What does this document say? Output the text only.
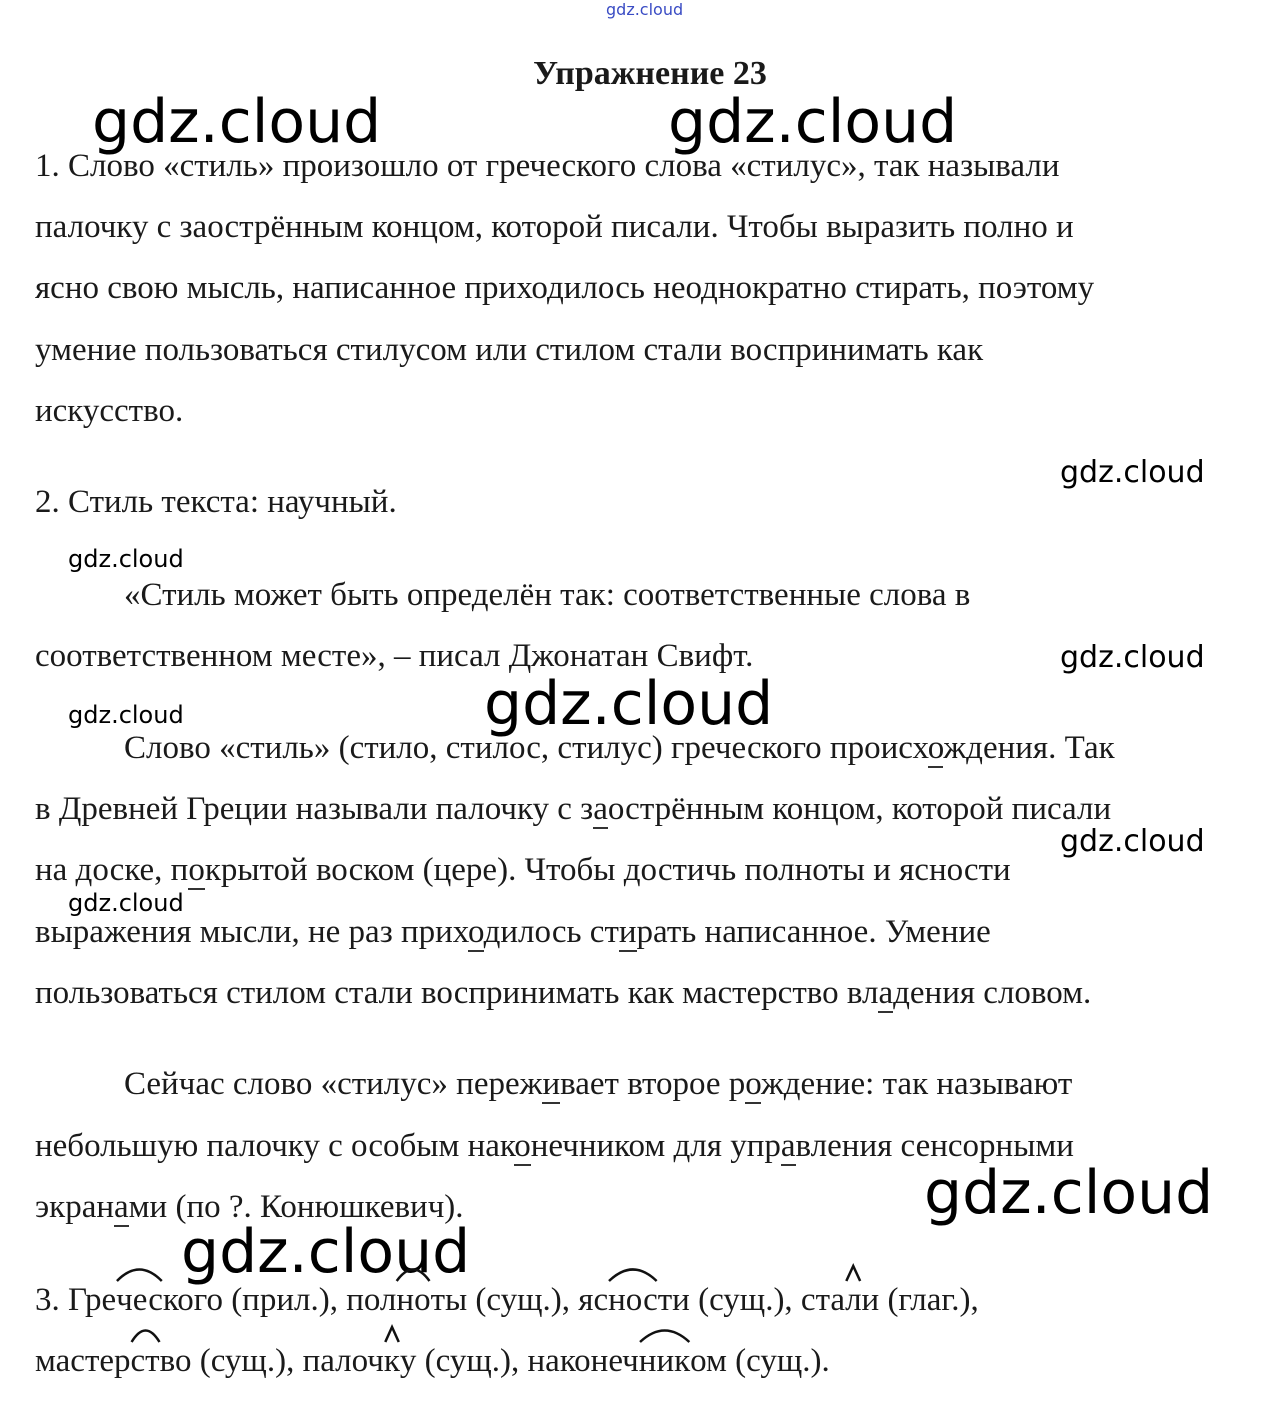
gdz.cloud
gdz.cloud	gdz.cloud
gdz.cloud
gdz.cloud
gdz.cloud
gdz.cloud
gdz.cloud
gdz.cloud
gdz.cloud
gdz.cloud
gdz.cloud
Упражнение 23

1. Слово «стиль» произошло от греческого слова «стилус», так называли

палочку с заострённым концом, которой писали. Чтобы выразить полно и

ясно свою мысль, написанное приходилось неоднократно стирать, поэтому

умение пользоваться стилусом или стилом стали воспринимать как

искусство.

2. Стиль текста: научный.

«Стиль может быть определён так: соответственные слова в

соответственном месте», – писал Джонатан Свифт.

Слово «стиль» (стило, стилос, стилус) греческого происхождения. Так

в Древней Греции называли палочку с заострённым концом, которой писали

на доске, покрытой воском (цере). Чтобы достичь полноты и ясности

выражения мысли, не раз приходилось стирать написанное. Умение

пользоваться стилом стали воспринимать как мастерство владения словом.

Сейчас слово «стилус» переживает второе рождение: так называют

небольшую палочку с особым наконечником для управления сенсорными

экранами (по ?. Конюшкевич).

3. Гре
ческого (прил.), пол
ноты (сущ.), яс
ности (сущ.), ста
ли (глаг.),

мастер
ство (сущ.), палоч
ку (сущ.), наконеч
ником (сущ.).
